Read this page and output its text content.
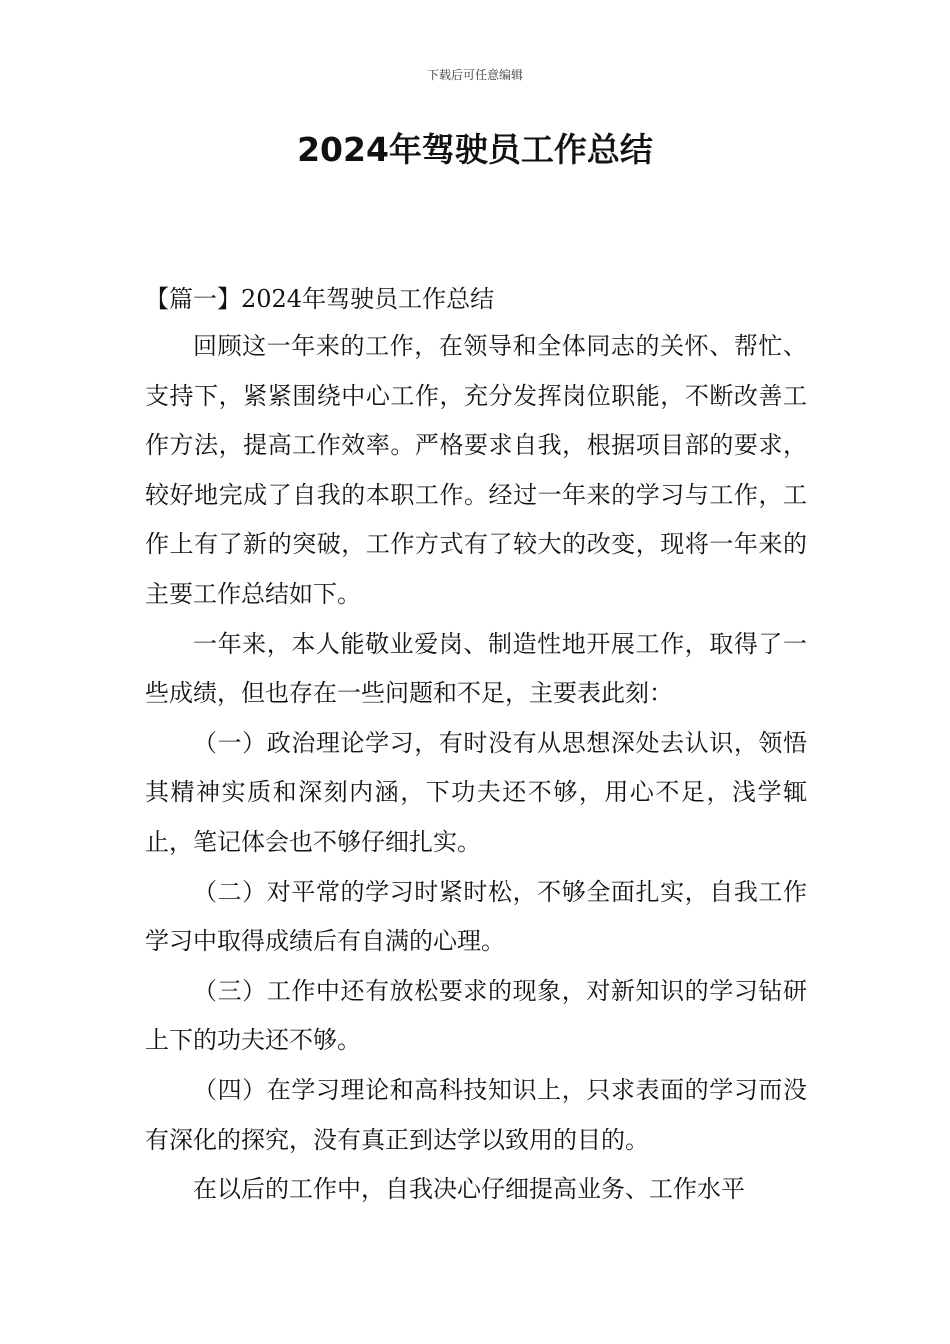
下载后可任意编辑
2024年驾驶员工作总结

【篇一】2024年驾驶员工作总结

回顾这一年来的工作，在领导和全体同志的关怀、帮忙、支持下，紧紧围绕中心工作，充分发挥岗位职能，不断改善工作方法，提高工作效率。严格要求自我，根据项目部的要求，较好地完成了自我的本职工作。经过一年来的学习与工作，工作上有了新的突破，工作方式有了较大的改变，现将一年来的主要工作总结如下。

一年来，本人能敬业爱岗、制造性地开展工作，取得了一些成绩，但也存在一些问题和不足，主要表此刻：

（一）政治理论学习，有时没有从思想深处去认识，领悟其精神实质和深刻内涵，下功夫还不够，用心不足，浅学辄止，笔记体会也不够仔细扎实。

（二）对平常的学习时紧时松，不够全面扎实，自我工作学习中取得成绩后有自满的心理。

（三）工作中还有放松要求的现象，对新知识的学习钻研上下的功夫还不够。

（四）在学习理论和高科技知识上，只求表面的学习而没有深化的探究，没有真正到达学以致用的目的。

在以后的工作中，自我决心仔细提高业务、工作水平
